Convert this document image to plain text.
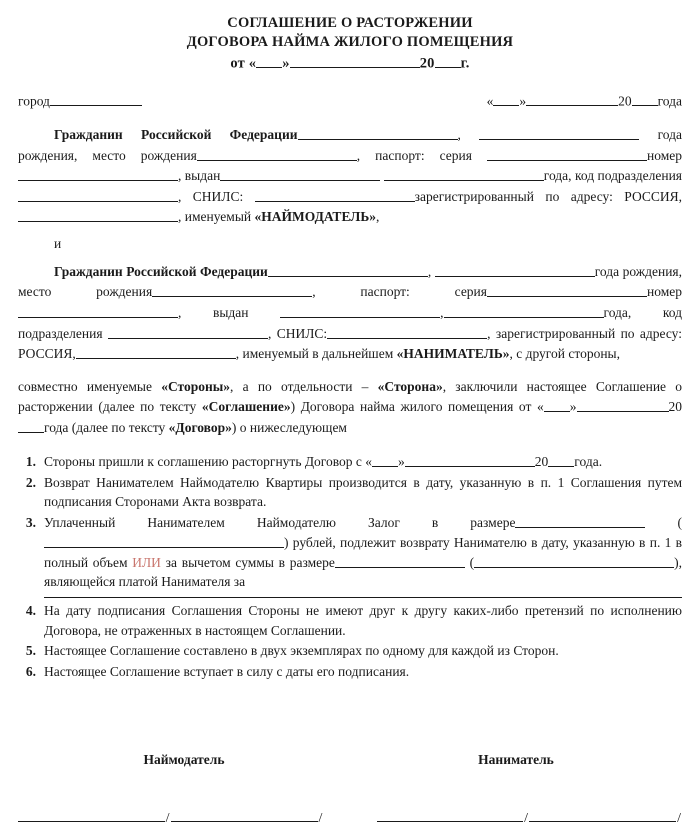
СОГЛАШЕНИЕ О РАСТОРЖЕНИИ
ДОГОВОРА НАЙМА ЖИЛОГО ПОМЕЩЕНИЯ
от « »	20 г.
город	« »	20 года
Гражданин Российской Федерации	,	года рождения, место рождения	, паспорт: серия	номер, выдан	года, код подразделения, СНИЛС:	зарегистрированный по адресу: РОССИЯ,, именуемый «НАЙМОДАТЕЛЬ»,
и
Гражданин Российской Федерации	,	года рождения, место рождения	, паспорт:	серия	номер, выдан	,	года, код подразделения	, СНИЛС:	, зарегистрированный по адресу: РОССИЯ,	, именуемый в дальнейшем «НАНИМАТЕЛЬ», с другой стороны,
совместно именуемые «Стороны», а по отдельности – «Сторона», заключили настоящее Соглашение о расторжении (далее по тексту «Соглашение») Договора найма жилого помещения от « »	20года (далее по тексту «Договор») о нижеследующем
1. Стороны пришли к соглашению расторгнуть Договор с « »	20 года.
2. Возврат Нанимателем Наймодателю Квартиры производится в дату, указанную в п. 1 Соглашения путем подписания Сторонами Акта возврата.
3. Уплаченный Нанимателем Наймодателю Залог в размере	() рублей, подлежит возврату Нанимателю в дату, указанную в п. 1 в полный объем ИЛИ за вычетом суммы в размере	(	), являющейся платой Нанимателя за
4. На дату подписания Соглашения Стороны не имеют друг к другу каких-либо претензий по исполнению Договора, не отраженных в настоящем Соглашении.
5. Настоящее Соглашение составлено в двух экземплярах по одному для каждой из Сторон.
6. Настоящее Соглашение вступает в силу с даты его подписания.
Наймодатель	Наниматель
/	/	/	/
